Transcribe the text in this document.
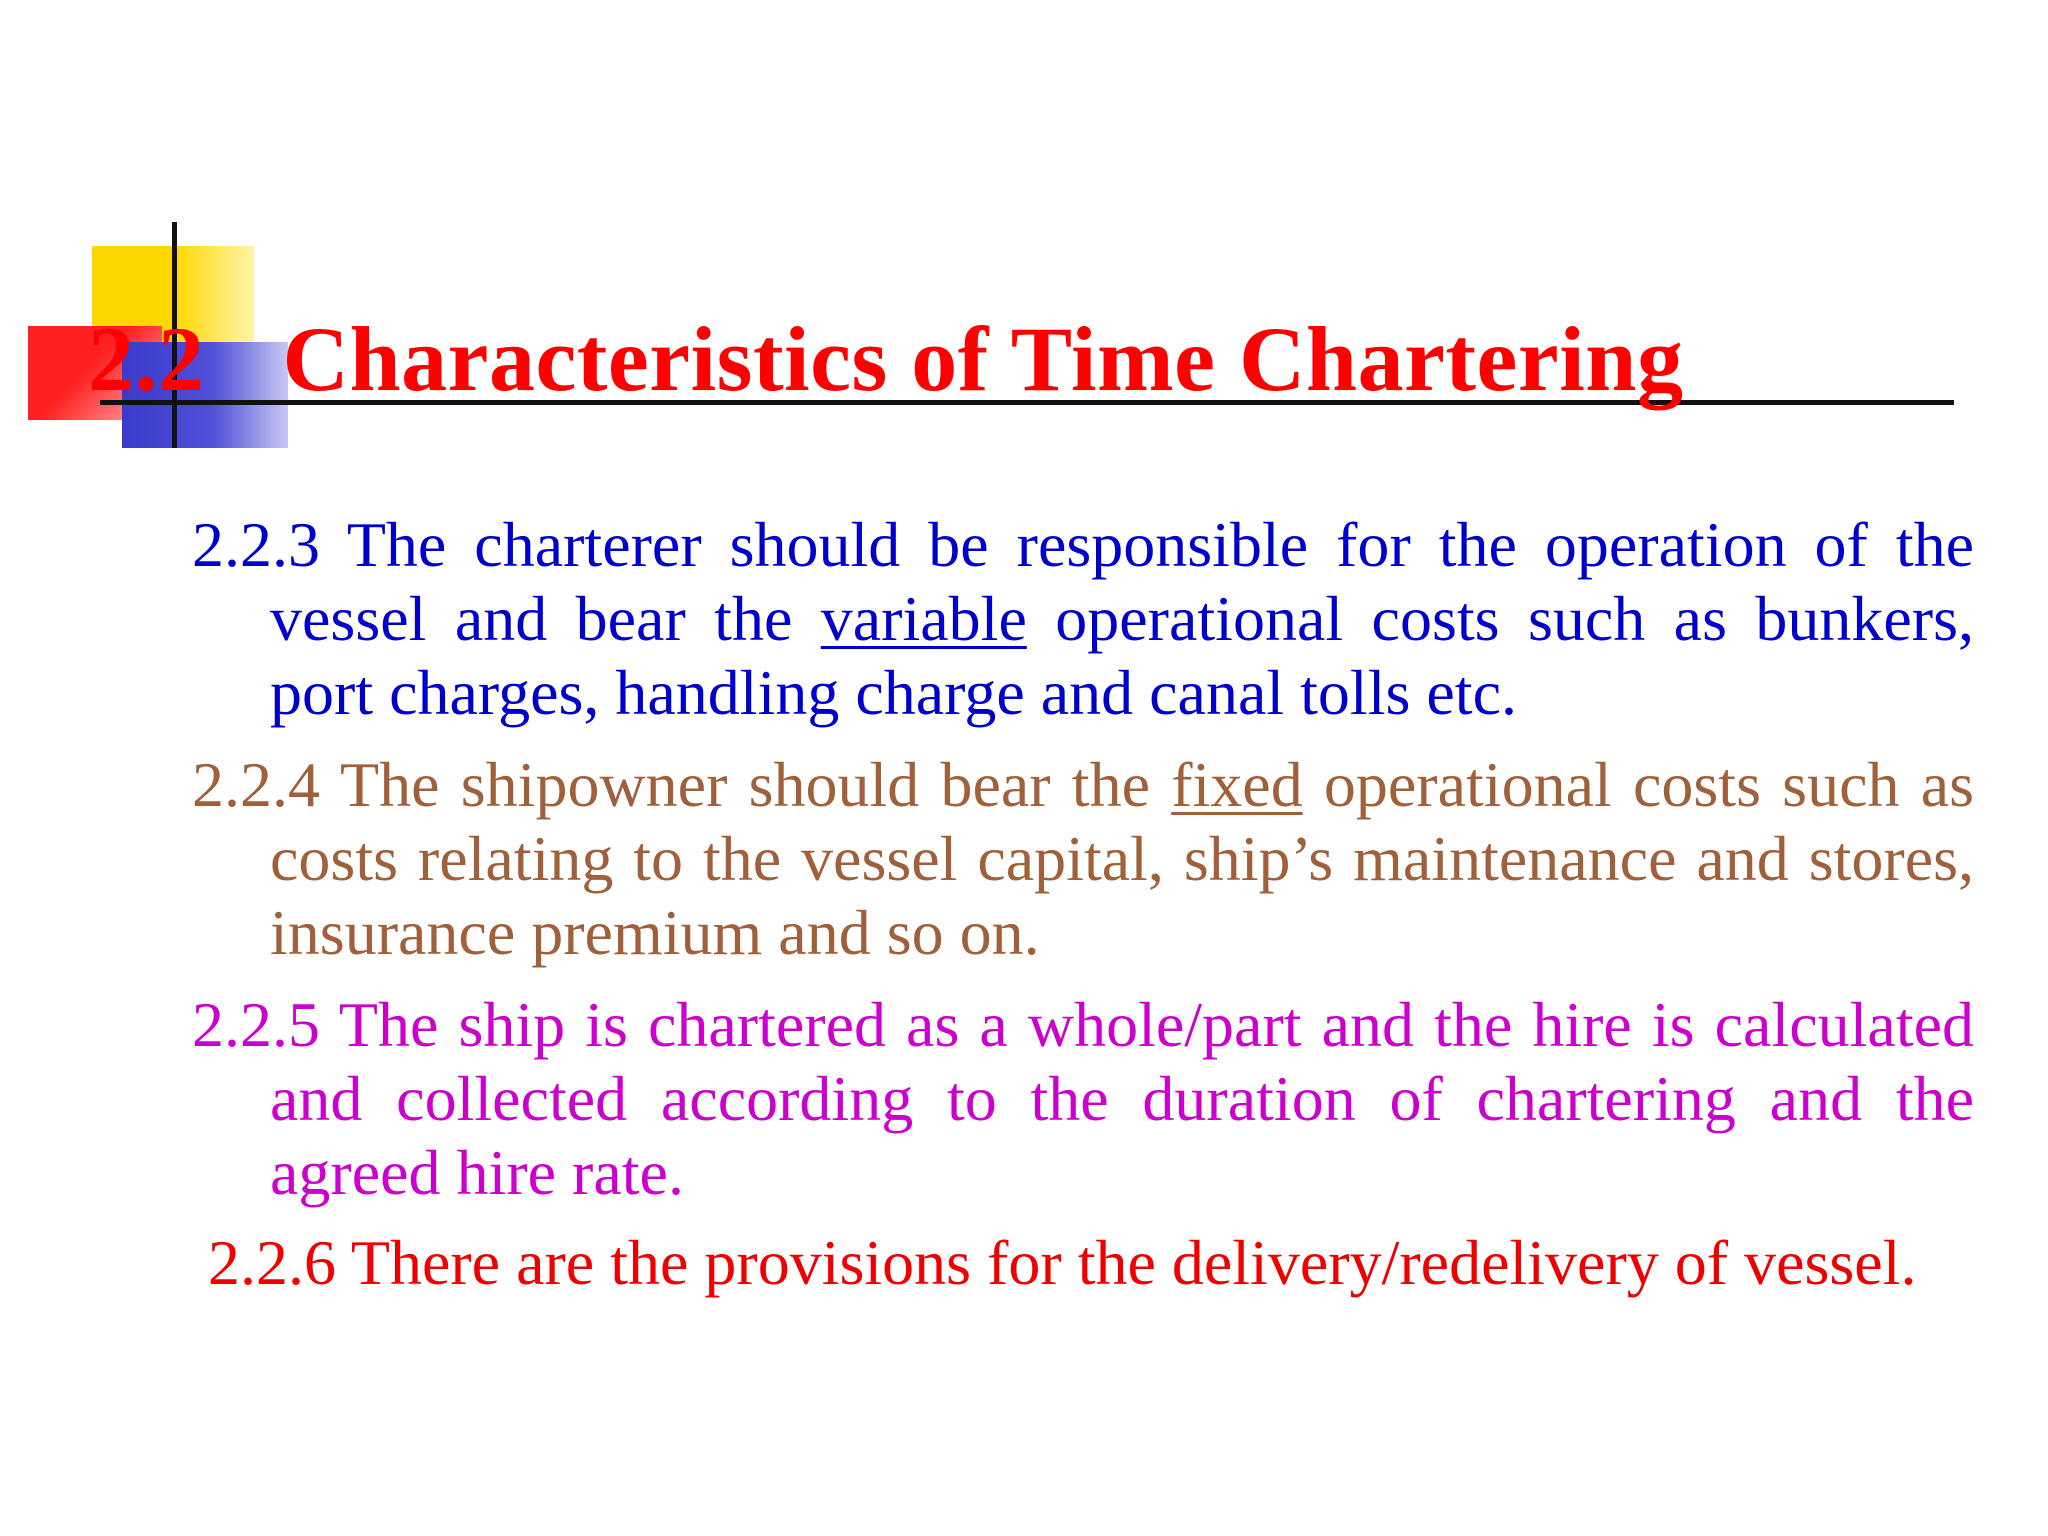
2.2 Characteristics of Time Chartering

2.2.3 The charterer should be responsible for the operation of the vessel and bear the variable operational costs such as bunkers, port charges, handling charge and canal tolls etc.

2.2.4 The shipowner should bear the fixed operational costs such as costs relating to the vessel capital, ship’s maintenance and stores, insurance premium and so on.

2.2.5 The ship is chartered as a whole/part and the hire is calculated and collected according to the duration of chartering and the agreed hire rate.

2.2.6 There are the provisions for the delivery/redelivery of vessel.
